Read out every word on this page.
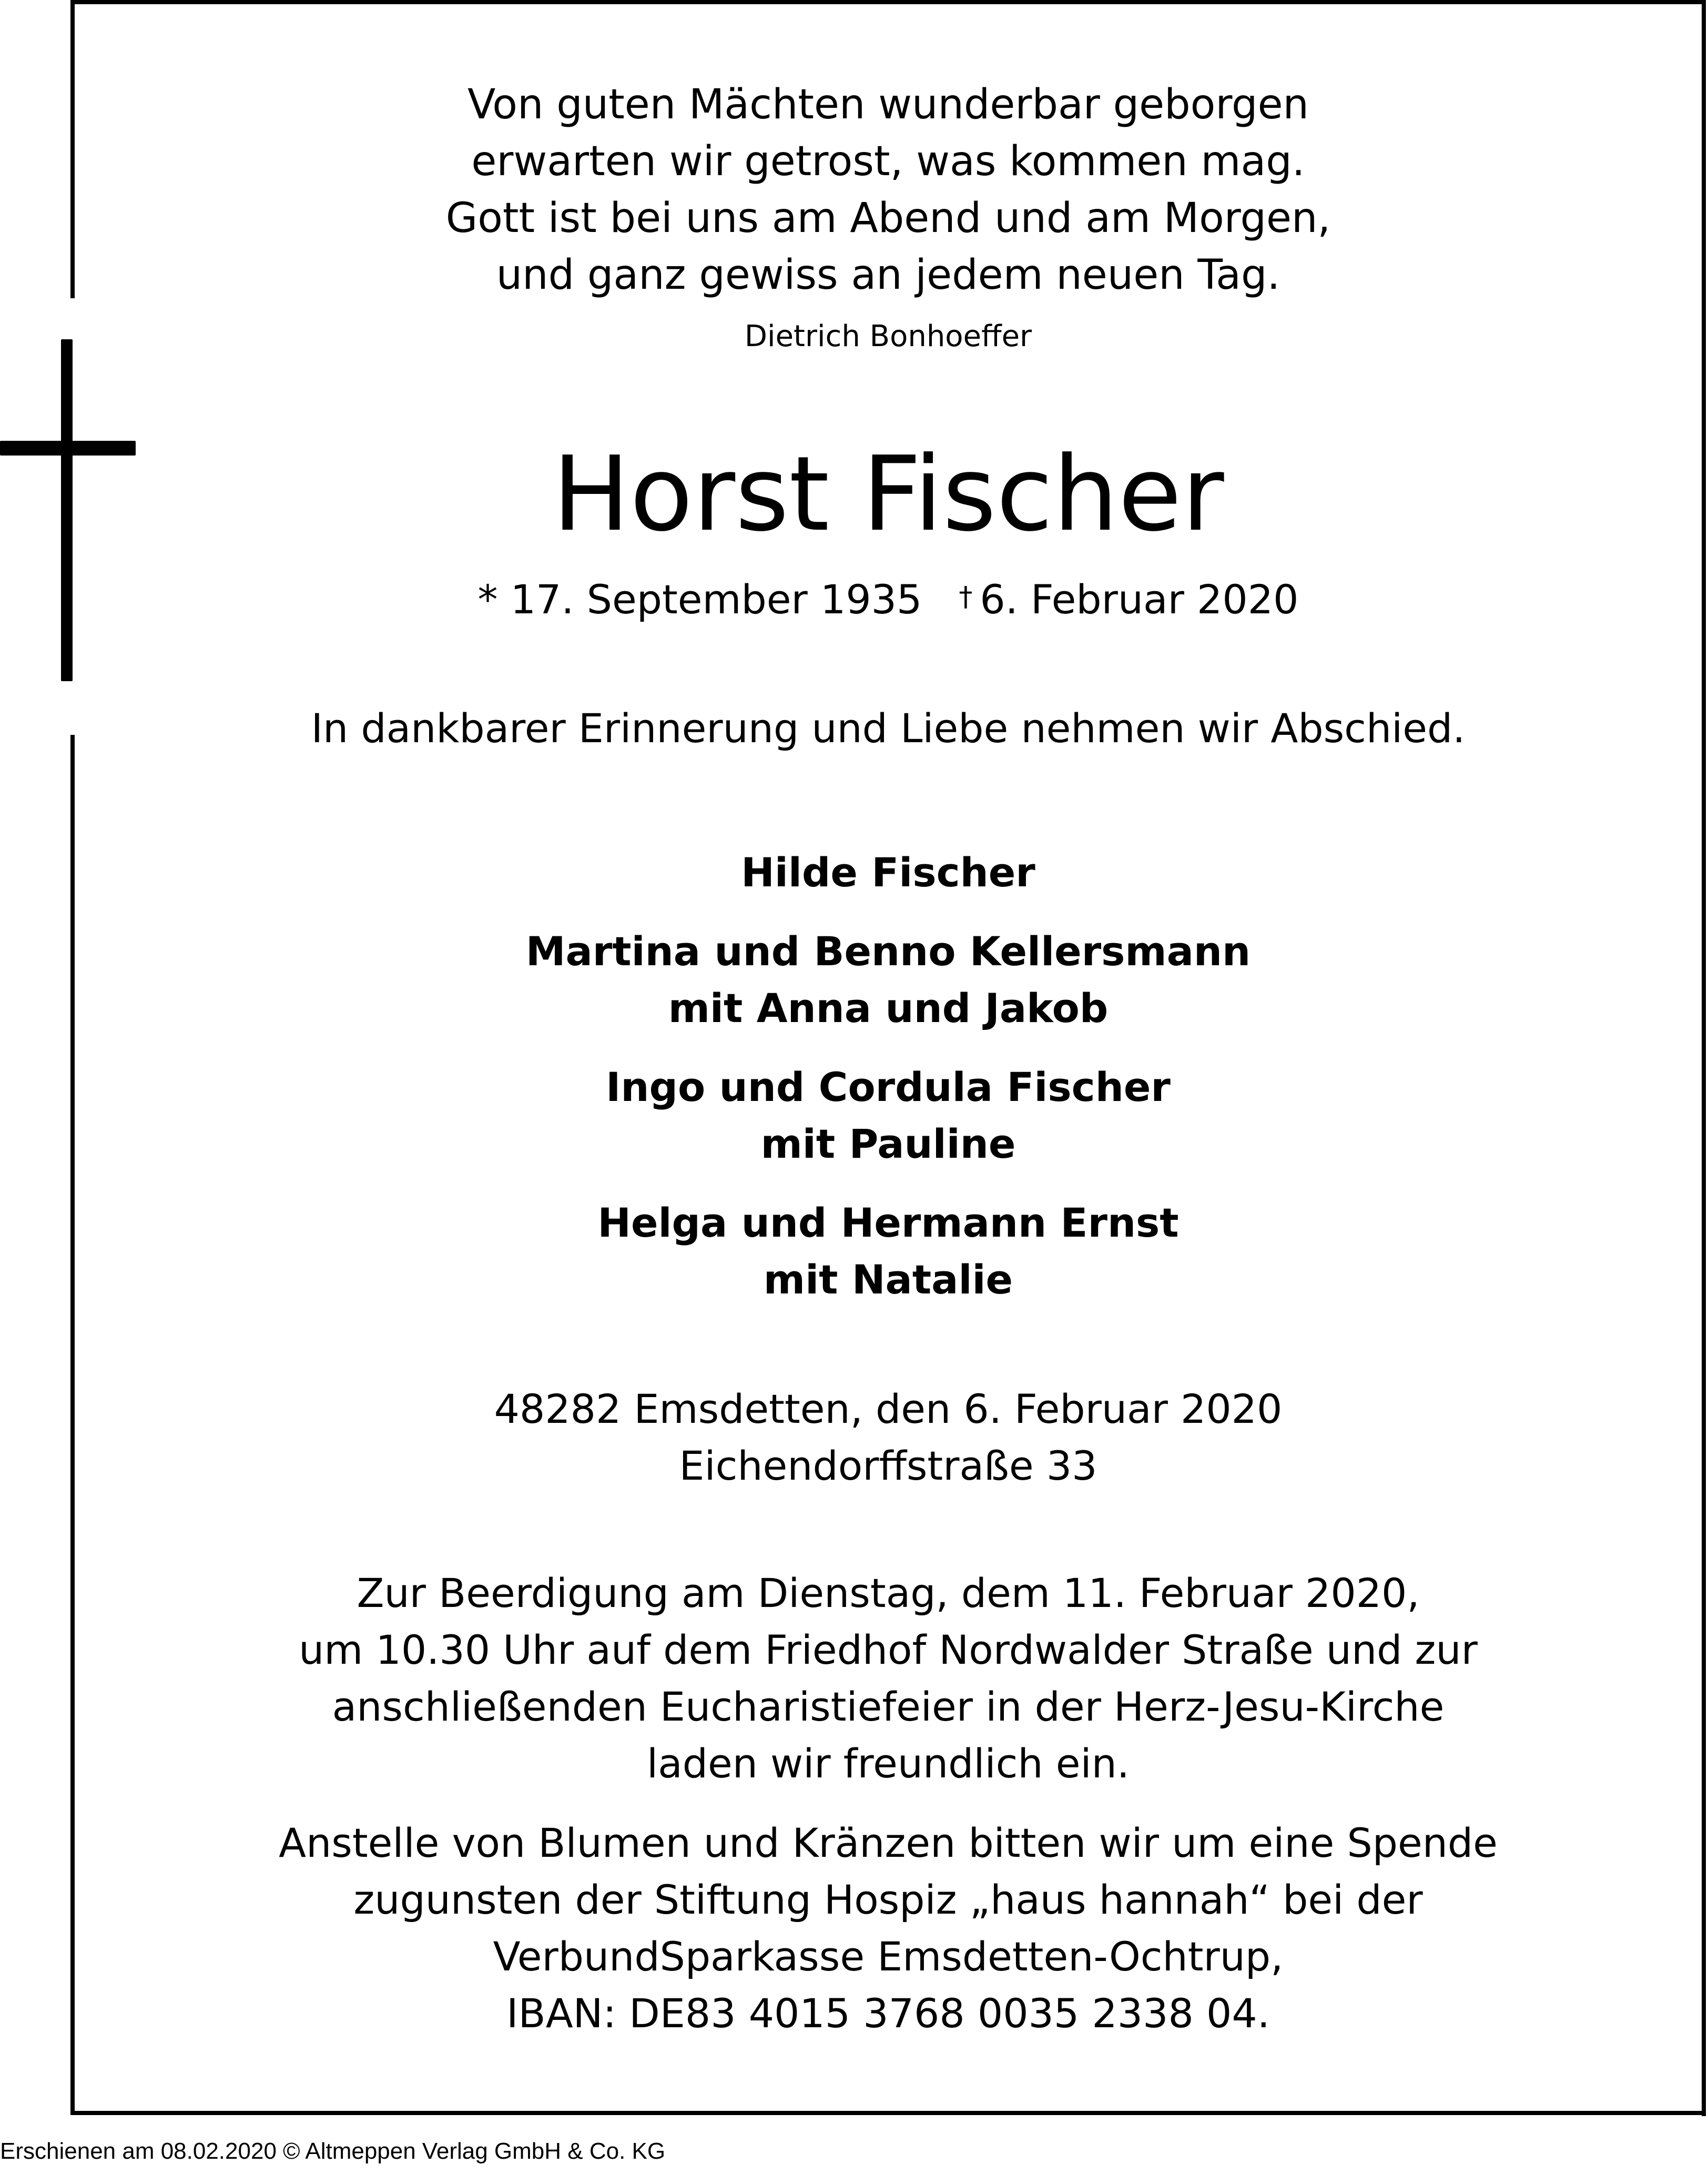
Von guten Mächten wunderbar geborgen
erwarten wir getrost, was kommen mag.
Gott ist bei uns am Abend und am Morgen,
und ganz gewiss an jedem neuen Tag.
Dietrich Bonhoeffer
Horst Fischer
* 17. September 1935 † 6. Februar 2020
In dankbarer Erinnerung und Liebe nehmen wir Abschied.
Hilde Fischer
Martina und Benno Kellersmann
mit Anna und Jakob
Ingo und Cordula Fischer
mit Pauline
Helga und Hermann Ernst
mit Natalie
48282 Emsdetten, den 6. Februar 2020
Eichendorffstraße 33
Zur Beerdigung am Dienstag, dem 11. Februar 2020,
um 10.30 Uhr auf dem Friedhof Nordwalder Straße und zur
anschließenden Eucharistiefeier in der Herz-Jesu-Kirche
laden wir freundlich ein.
Anstelle von Blumen und Kränzen bitten wir um eine Spende
zugunsten der Stiftung Hospiz „haus hannah“ bei der
VerbundSparkasse Emsdetten-Ochtrup,
IBAN: DE83 4015 3768 0035 2338 04.
Erschienen am 08.02.2020 © Altmeppen Verlag GmbH & Co. KG
